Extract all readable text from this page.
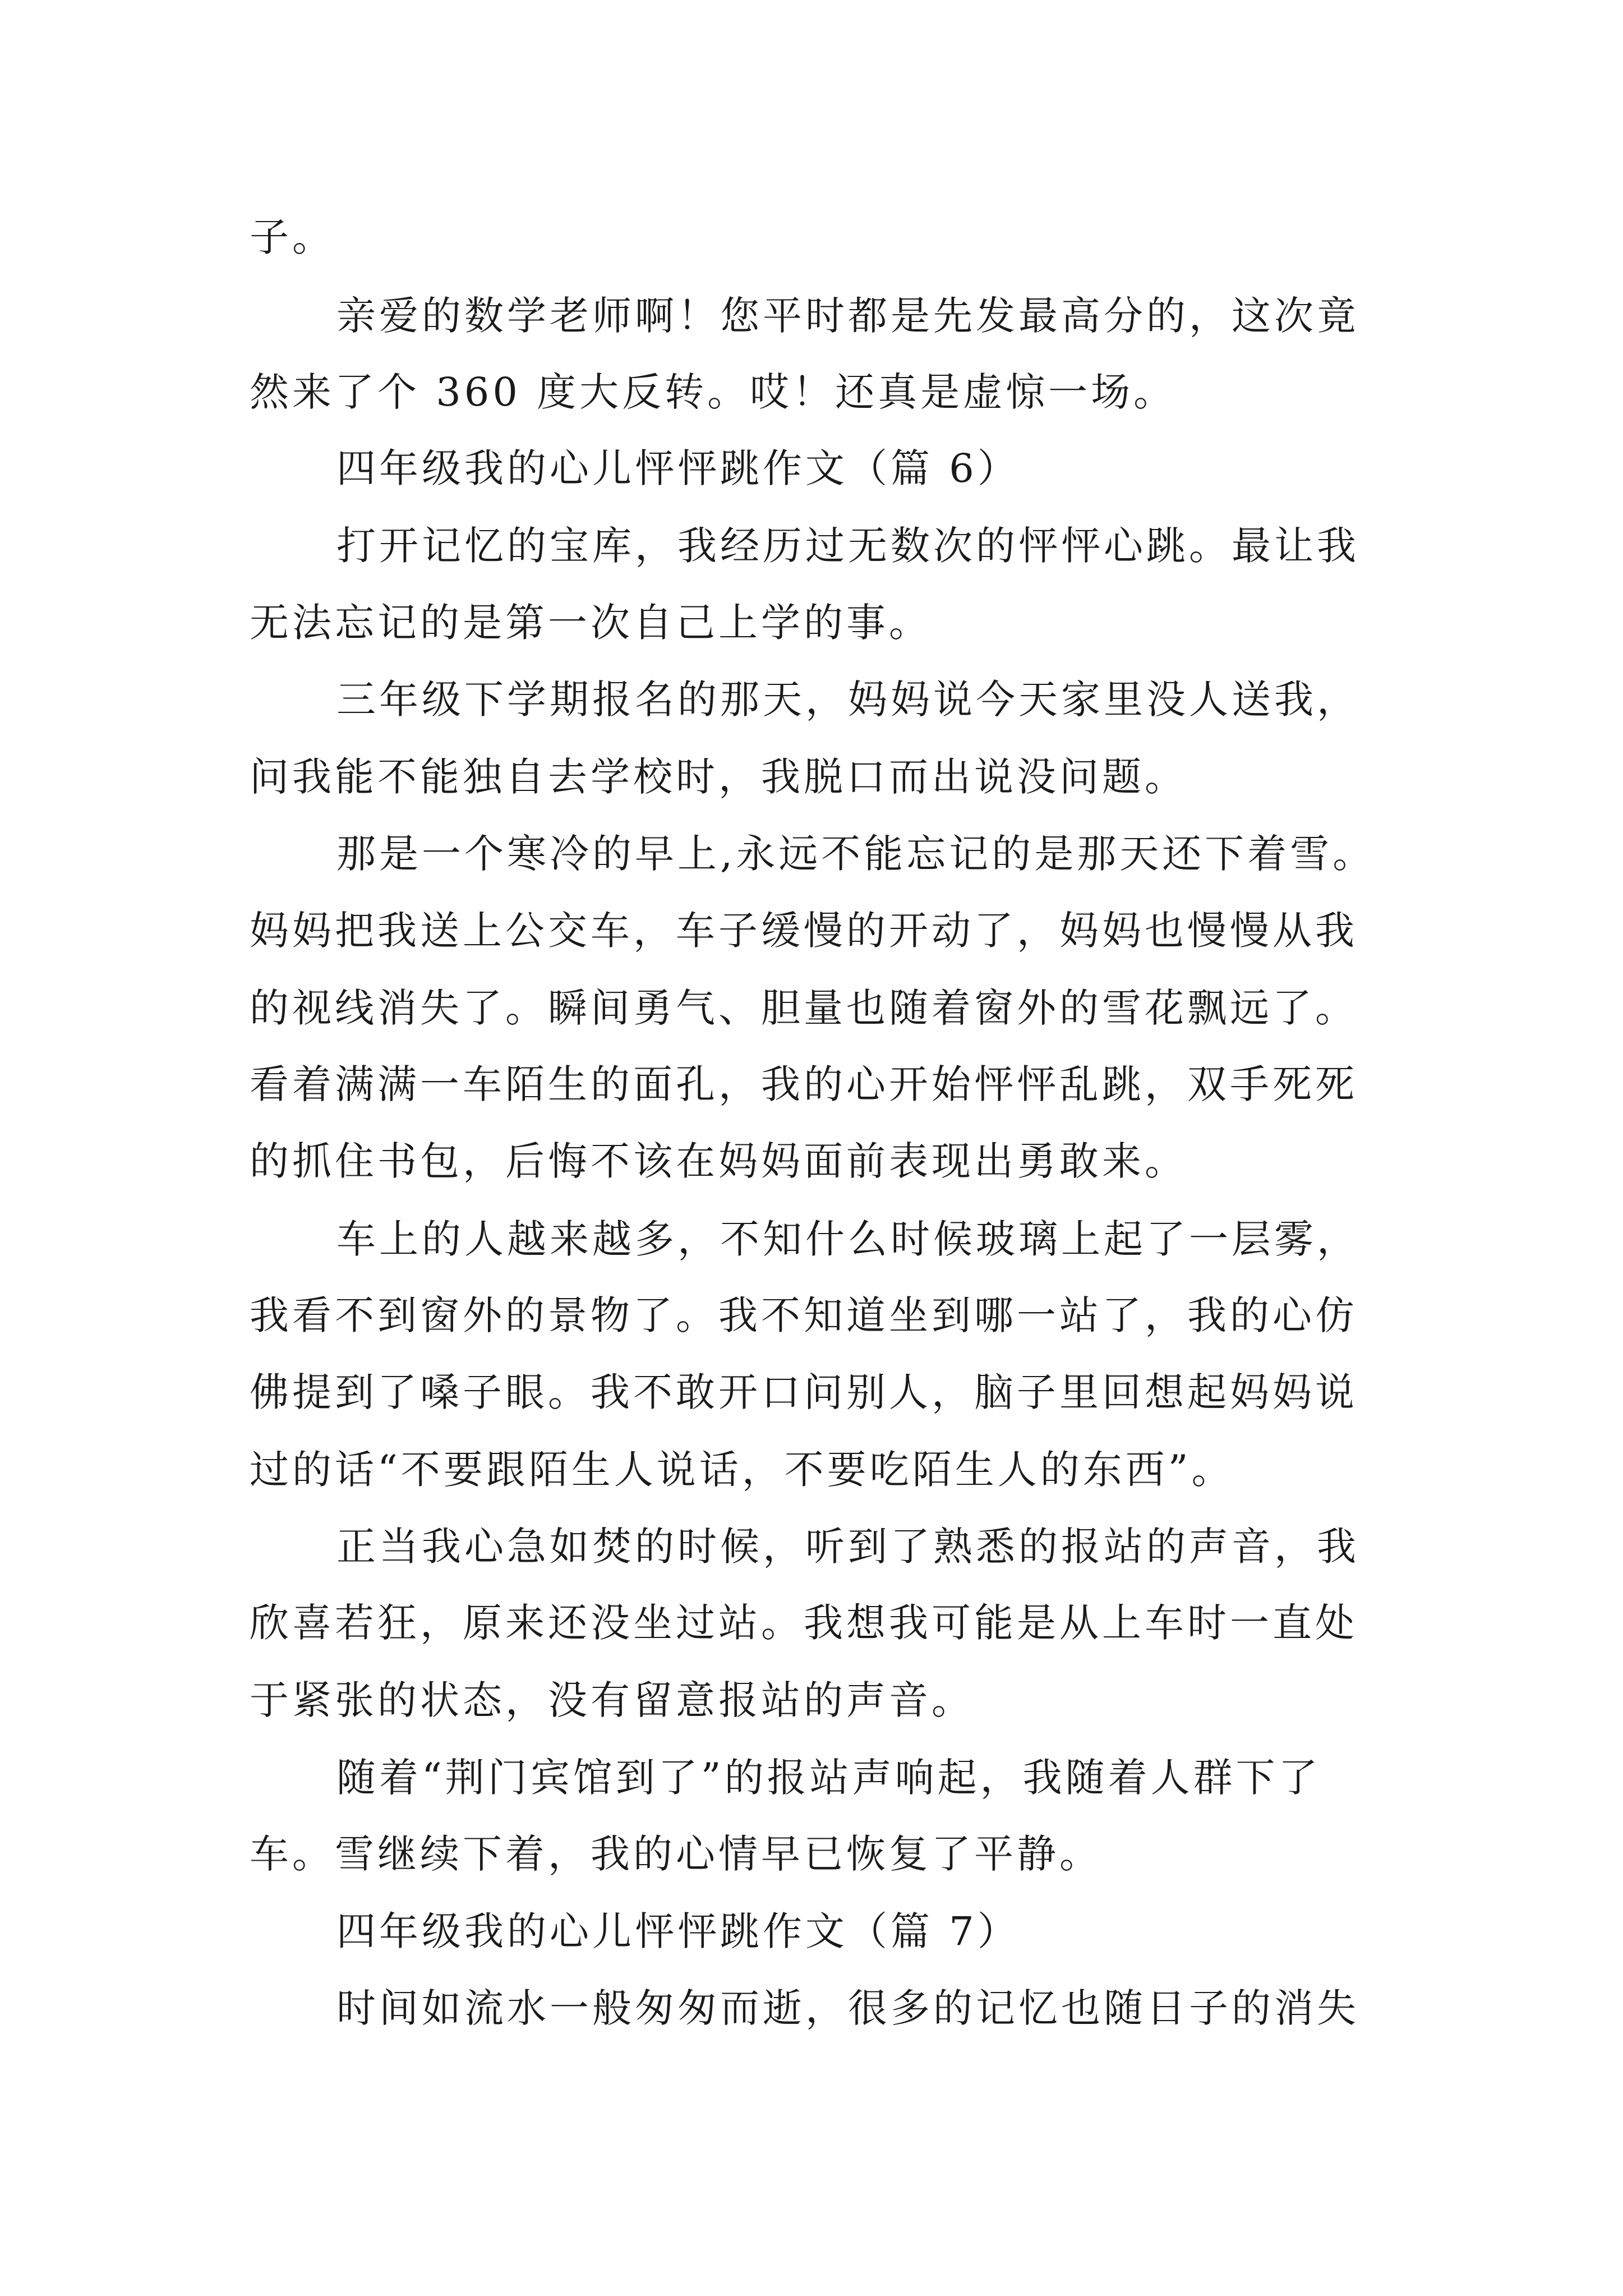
子。

亲爱的数学老师啊！您平时都是先发最高分的，这次竟

然来了个 360 度大反转。哎！还真是虚惊一场。

四年级我的心儿怦怦跳作文（篇 6）

打开记忆的宝库，我经历过无数次的怦怦心跳。最让我

无法忘记的是第一次自己上学的事。

三年级下学期报名的那天，妈妈说今天家里没人送我，

问我能不能独自去学校时，我脱口而出说没问题。

那是一个寒冷的早上,永远不能忘记的是那天还下着雪。

妈妈把我送上公交车，车子缓慢的开动了，妈妈也慢慢从我

的视线消失了。瞬间勇气、胆量也随着窗外的雪花飘远了。

看着满满一车陌生的面孔，我的心开始怦怦乱跳，双手死死

的抓住书包，后悔不该在妈妈面前表现出勇敢来。

车上的人越来越多，不知什么时候玻璃上起了一层雾，

我看不到窗外的景物了。我不知道坐到哪一站了，我的心仿

佛提到了嗓子眼。我不敢开口问别人，脑子里回想起妈妈说

过的话“不要跟陌生人说话，不要吃陌生人的东西”。

正当我心急如焚的时候，听到了熟悉的报站的声音，我

欣喜若狂，原来还没坐过站。我想我可能是从上车时一直处

于紧张的状态，没有留意报站的声音。

随着“荆门宾馆到了”的报站声响起，我随着人群下了

车。雪继续下着，我的心情早已恢复了平静。

四年级我的心儿怦怦跳作文（篇 7）

时间如流水一般匆匆而逝，很多的记忆也随日子的消失
